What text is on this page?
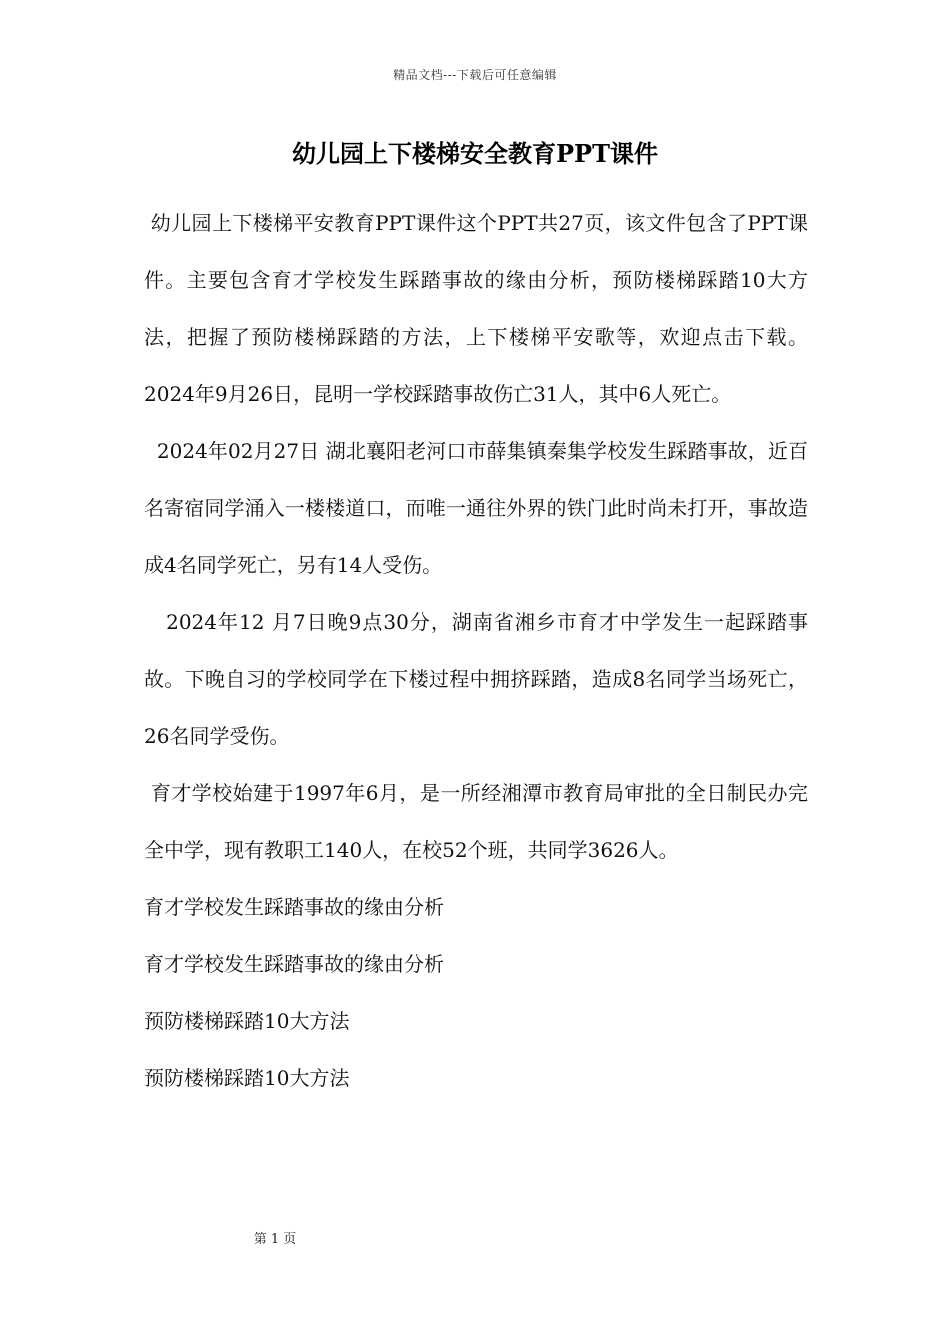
精品文档---下载后可任意编辑
幼儿园上下楼梯安全教育PPT课件

幼儿园上下楼梯平安教育PPT课件这个PPT共27页，该文件包含了PPT课件。主要包含育才学校发生踩踏事故的缘由分析，预防楼梯踩踏10大方法，把握了预防楼梯踩踏的方法，上下楼梯平安歌等，欢迎点击下载。2024年9月26日，昆明一学校踩踏事故伤亡31人，其中6人死亡。

2024年02月27日 湖北襄阳老河口市薛集镇秦集学校发生踩踏事故，近百名寄宿同学涌入一楼楼道口，而唯一通往外界的铁门此时尚未打开，事故造成4名同学死亡，另有14人受伤。

2024年12 月7日晚9点30分，湖南省湘乡市育才中学发生一起踩踏事故。下晚自习的学校同学在下楼过程中拥挤踩踏，造成8名同学当场死亡，26名同学受伤。

育才学校始建于1997年6月，是一所经湘潭市教育局审批的全日制民办完全中学，现有教职工140人，在校52个班，共同学3626人。

育才学校发生踩踏事故的缘由分析

育才学校发生踩踏事故的缘由分析

预防楼梯踩踏10大方法

预防楼梯踩踏10大方法

第 1 页
